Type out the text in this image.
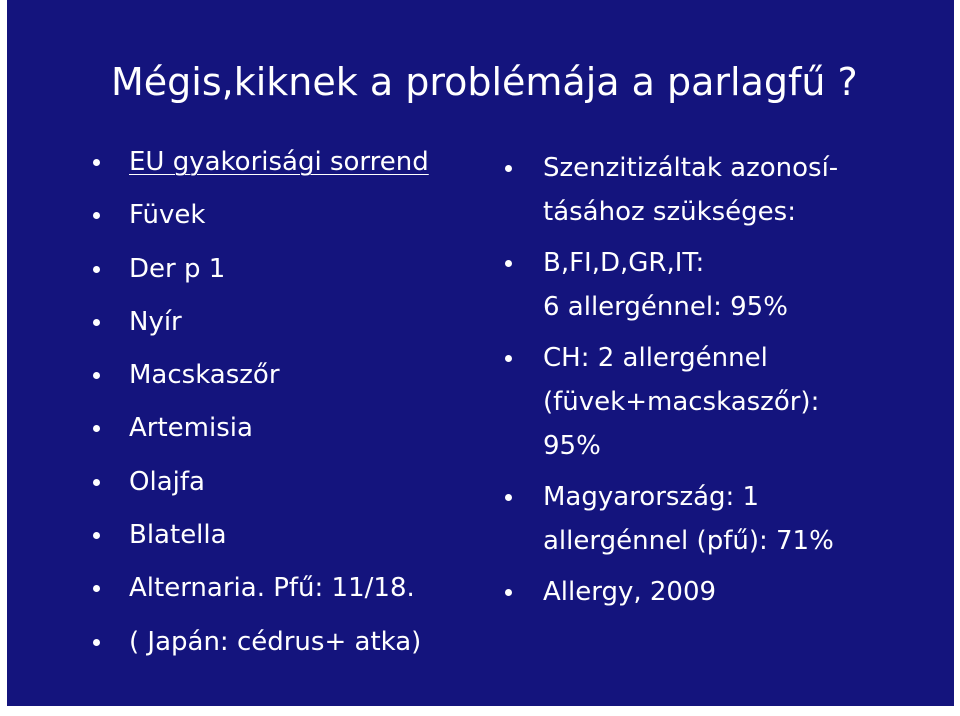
Mégis,kiknek a problémája a parlagfű ?
EU gyakorisági sorrend
Füvek
Der p 1
Nyír
Macskaszőr
Artemisia
Olajfa
Blatella
Alternaria. Pfű: 11/18.
( Japán: cédrus+ atka)
Szenzitizáltak azonosí-
tásához szükséges:
B,FI,D,GR,IT:
6 allergénnel: 95%
CH: 2 allergénnel
(füvek+macskaszőr):
95%
Magyarország: 1
allergénnel (pfű): 71%
Allergy, 2009
